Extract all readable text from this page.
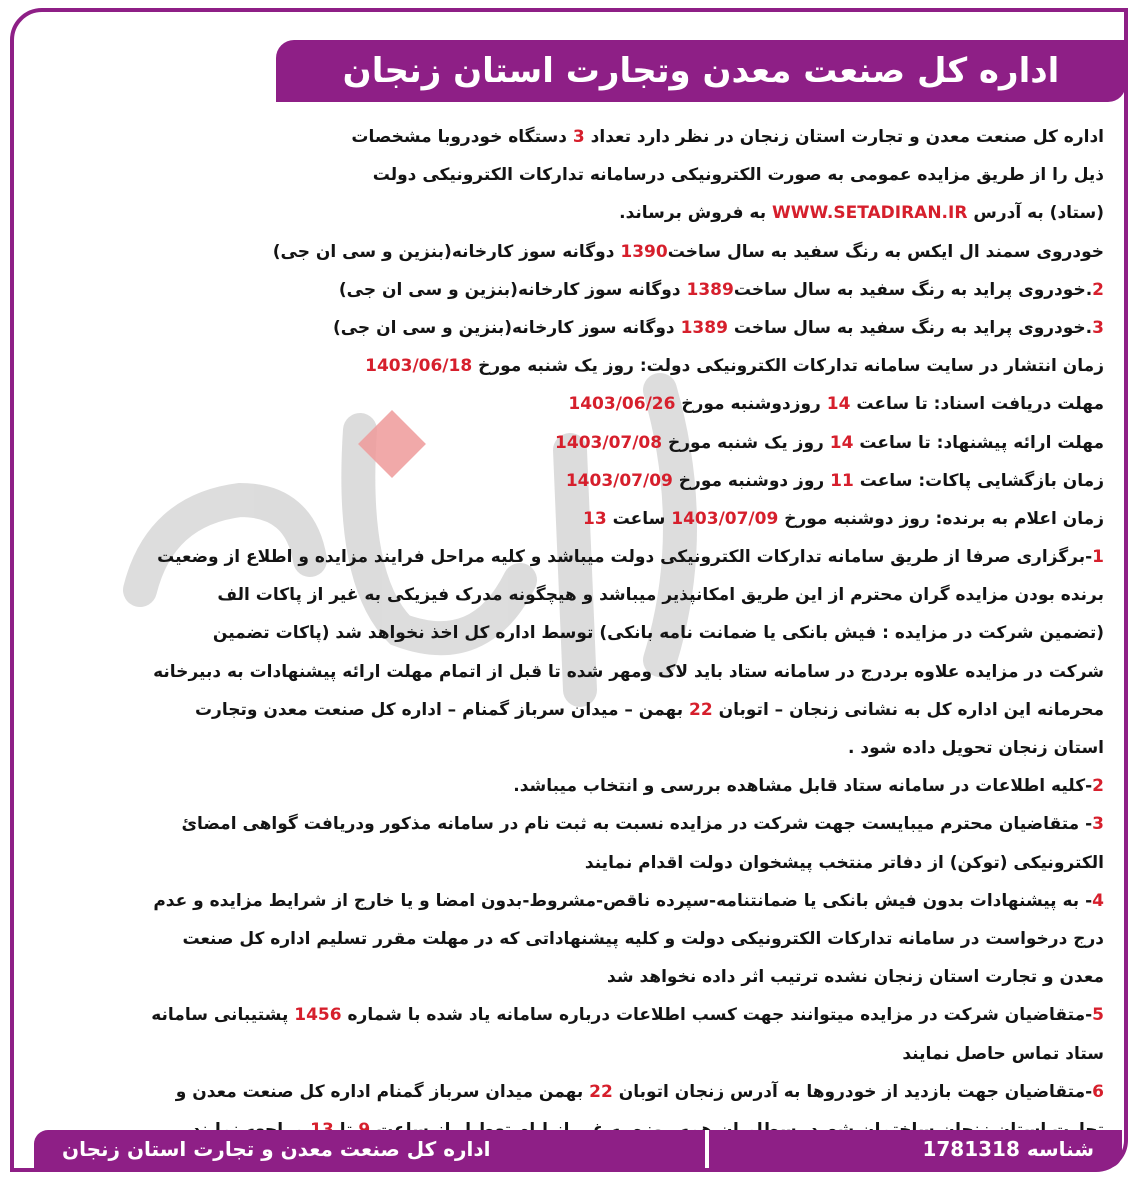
اداره کل صنعت معدن وتجارت استان زنجان
اداره کل صنعت معدن و تجارت استان زنجان در نظر دارد تعداد 3 دستگاه خودروبا مشخصات
ذیل را از طریق مزایده عمومی به صورت الکترونیکی درسامانه تدارکات الکترونیکی دولت
(ستاد) به آدرس WWW.SETADIRAN.IR به فروش برساند.
خودروی سمند ال ایکس به رنگ سفید به سال ساخت1390 دوگانه سوز کارخانه(بنزین و سی ان جی)
2.خودروی پراید به رنگ سفید به سال ساخت1389 دوگانه سوز کارخانه(بنزین و سی ان جی)
3.خودروی پراید به رنگ سفید به سال ساخت 1389 دوگانه سوز کارخانه(بنزین و سی ان جی)
زمان انتشار در سایت سامانه تدارکات الکترونیکی دولت: روز یک شنبه مورخ 1403/06/18
مهلت دریافت اسناد: تا ساعت 14 روزدوشنبه مورخ 1403/06/26
مهلت ارائه پیشنهاد: تا ساعت 14 روز یک شنبه مورخ 1403/07/08
زمان بازگشایی پاکات: ساعت 11 روز دوشنبه مورخ 1403/07/09
زمان اعلام به برنده: روز دوشنبه مورخ 1403/07/09 ساعت 13
1-برگزاری صرفا از طریق سامانه تدارکات الکترونیکی دولت میباشد و کلیه مراحل فرایند مزایده و اطلاع از وضعیت
برنده بودن مزایده گران محترم از این طریق امکانپذیر میباشد و هیچگونه مدرک فیزیکی به غیر از پاکات الف
(تضمین شرکت در مزایده : فیش بانکی یا ضمانت نامه بانکی) توسط اداره کل اخذ نخواهد شد (پاکات تضمین
شرکت در مزایده علاوه بردرج در سامانه ستاد باید لاک ومهر شده تا قبل از اتمام مهلت ارائه پیشنهادات به دبیرخانه
محرمانه این اداره کل به نشانی زنجان – اتوبان 22 بهمن – میدان سرباز گمنام – اداره کل صنعت معدن وتجارت
استان زنجان تحویل داده شود .
2-کلیه اطلاعات در سامانه ستاد قابل مشاهده بررسی و انتخاب میباشد.
3- متقاضیان محترم میبایست جهت شرکت در مزایده نسبت به ثبت نام در سامانه مذکور ودریافت گواهی امضائ
الکترونیکی (توکن) از دفاتر منتخب پیشخوان دولت اقدام نمایند
4- به پیشنهادات بدون فیش بانکی یا ضمانتنامه-سپرده ناقص-مشروط-بدون امضا و یا خارج از شرایط مزایده و عدم
درج درخواست در سامانه تدارکات الکترونیکی دولت و کلیه پیشنهاداتی که در مهلت مقرر تسلیم اداره کل صنعت
معدن و تجارت استان زنجان نشده ترتیب اثر داده نخواهد شد
5-متقاضیان شرکت در مزایده میتوانند جهت کسب اطلاعات درباره سامانه یاد شده با شماره 1456 پشتیبانی سامانه
ستاد تماس حاصل نمایند
6-متقاضیان جهت بازدید از خودروها به آدرس زنجان اتوبان 22 بهمن میدان سرباز گمنام اداره کل صنعت معدن و
شناسه 1781318
اداره کل صنعت معدن و تجارت استان زنجان
